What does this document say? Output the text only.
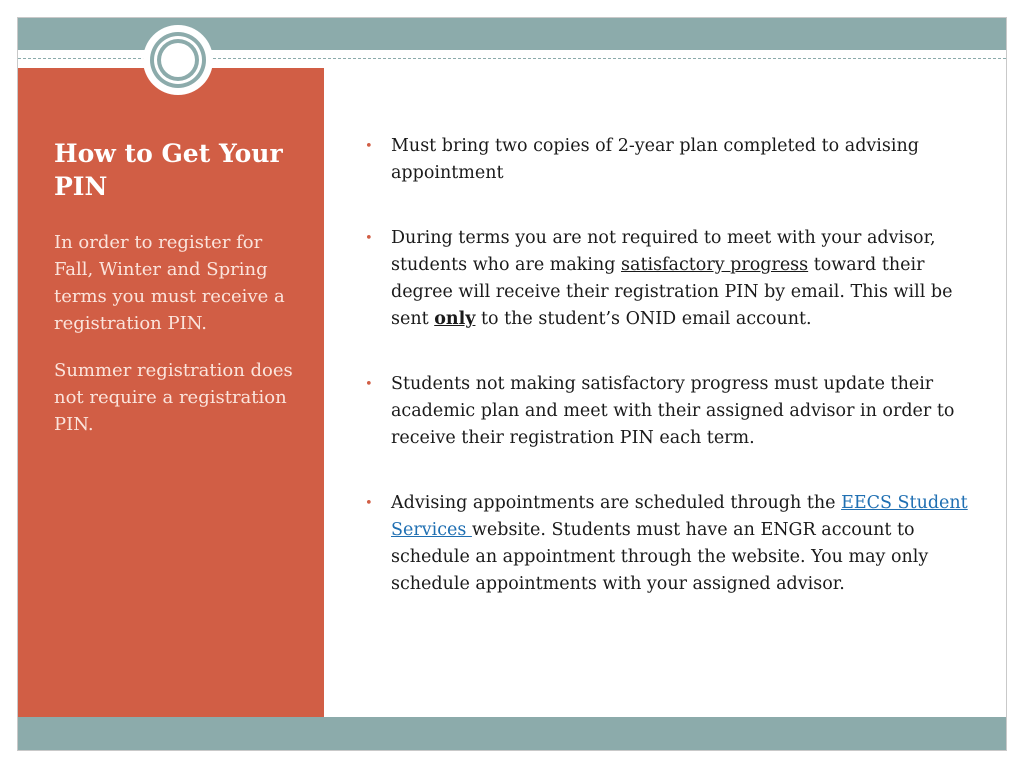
How to Get Your PIN

In order to register for Fall, Winter and Spring terms you must receive a registration PIN.

Summer registration does not require a registration PIN.

• Must bring two copies of 2-year plan completed to advising appointment
• During terms you are not required to meet with your advisor, students who are making satisfactory progress toward their degree will receive their registration PIN by email. This will be sent only to the student’s ONID email account.
• Students not making satisfactory progress must update their academic plan and meet with their assigned advisor in order to receive their registration PIN each term.
• Advising appointments are scheduled through the EECS Student Services website. Students must have an ENGR account to schedule an appointment through the website. You may only schedule appointments with your assigned advisor.
